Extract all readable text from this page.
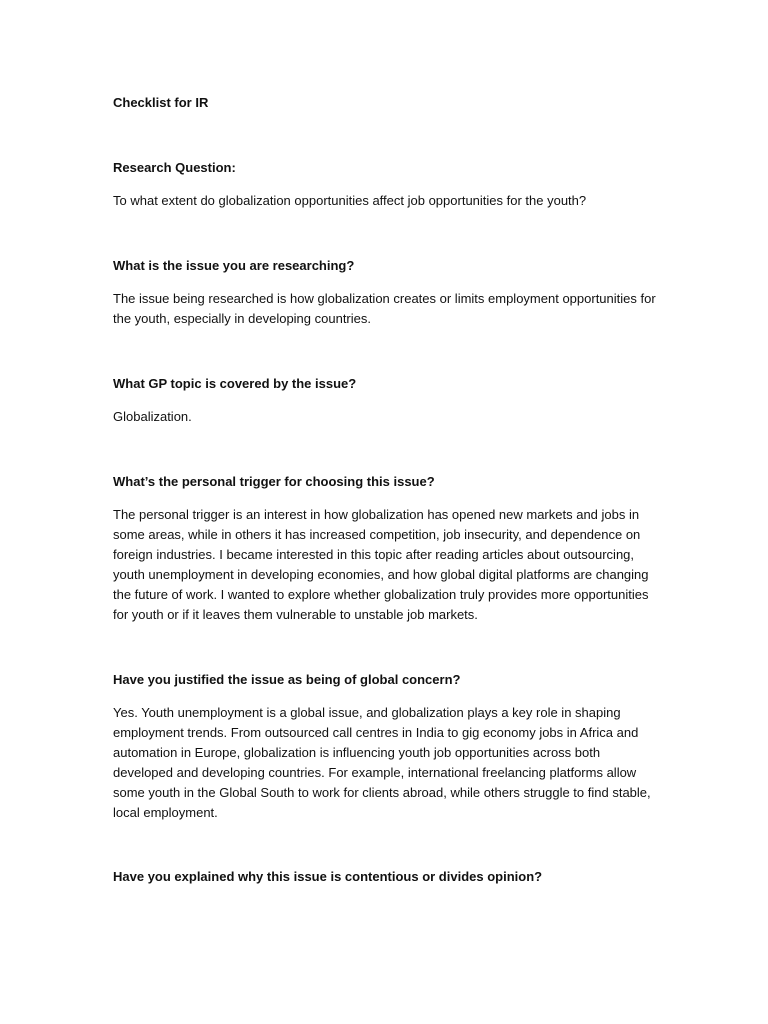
Checklist for IR

Research Question:

To what extent do globalization opportunities affect job opportunities for the youth?

What is the issue you are researching?

The issue being researched is how globalization creates or limits employment opportunities for the youth, especially in developing countries.

What GP topic is covered by the issue?

Globalization.

What’s the personal trigger for choosing this issue?

The personal trigger is an interest in how globalization has opened new markets and jobs in some areas, while in others it has increased competition, job insecurity, and dependence on foreign industries. I became interested in this topic after reading articles about outsourcing, youth unemployment in developing economies, and how global digital platforms are changing the future of work. I wanted to explore whether globalization truly provides more opportunities for youth or if it leaves them vulnerable to unstable job markets.

Have you justified the issue as being of global concern?

Yes. Youth unemployment is a global issue, and globalization plays a key role in shaping employment trends. From outsourced call centres in India to gig economy jobs in Africa and automation in Europe, globalization is influencing youth job opportunities across both developed and developing countries. For example, international freelancing platforms allow some youth in the Global South to work for clients abroad, while others struggle to find stable, local employment.

Have you explained why this issue is contentious or divides opinion?
